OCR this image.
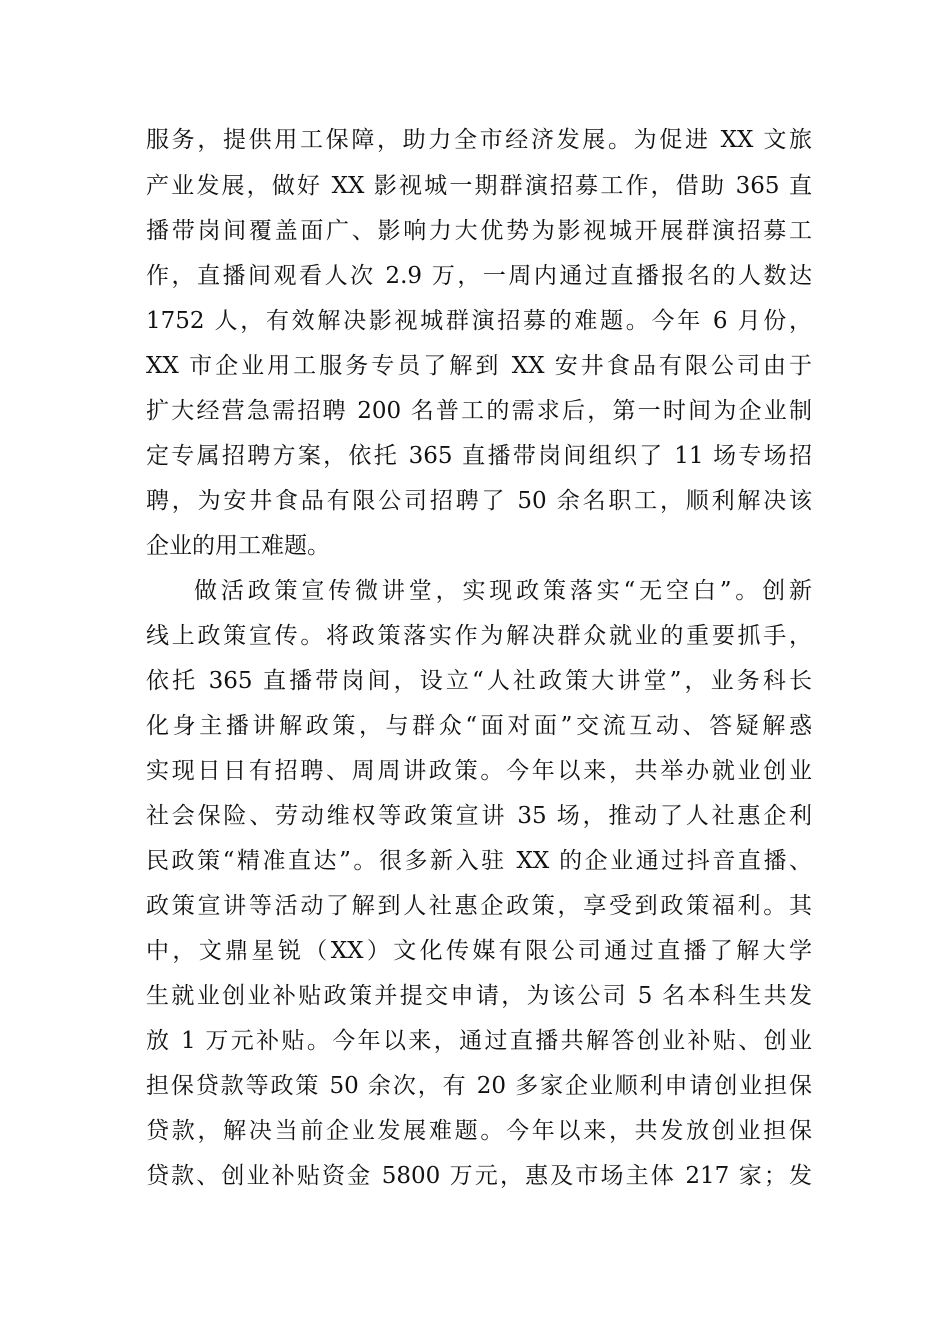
服务，提供用工保障，助力全市经济发展。为促进 XX 文旅
产业发展，做好 XX 影视城一期群演招募工作，借助 365 直
播带岗间覆盖面广、影响力大优势为影视城开展群演招募工
作，直播间观看人次 2.9 万，一周内通过直播报名的人数达
1752 人，有效解决影视城群演招募的难题。今年 6 月份，
XX 市企业用工服务专员了解到 XX 安井食品有限公司由于
扩大经营急需招聘 200 名普工的需求后，第一时间为企业制
定专属招聘方案，依托 365 直播带岗间组织了 11 场专场招
聘，为安井食品有限公司招聘了 50 余名职工，顺利解决该
企业的用工难题。
做活政策宣传微讲堂，实现政策落实“无空白”。创新
线上政策宣传。将政策落实作为解决群众就业的重要抓手，
依托 365 直播带岗间，设立“人社政策大讲堂”，业务科长
化身主播讲解政策，与群众“面对面”交流互动、答疑解惑
实现日日有招聘、周周讲政策。今年以来，共举办就业创业
社会保险、劳动维权等政策宣讲 35 场，推动了人社惠企利
民政策“精准直达”。很多新入驻 XX 的企业通过抖音直播、
政策宣讲等活动了解到人社惠企政策，享受到政策福利。其
中，文鼎星锐（XX）文化传媒有限公司通过直播了解大学
生就业创业补贴政策并提交申请，为该公司 5 名本科生共发
放 1 万元补贴。今年以来，通过直播共解答创业补贴、创业
担保贷款等政策 50 余次，有 20 多家企业顺利申请创业担保
贷款，解决当前企业发展难题。今年以来，共发放创业担保
贷款、创业补贴资金 5800 万元，惠及市场主体 217 家；发
